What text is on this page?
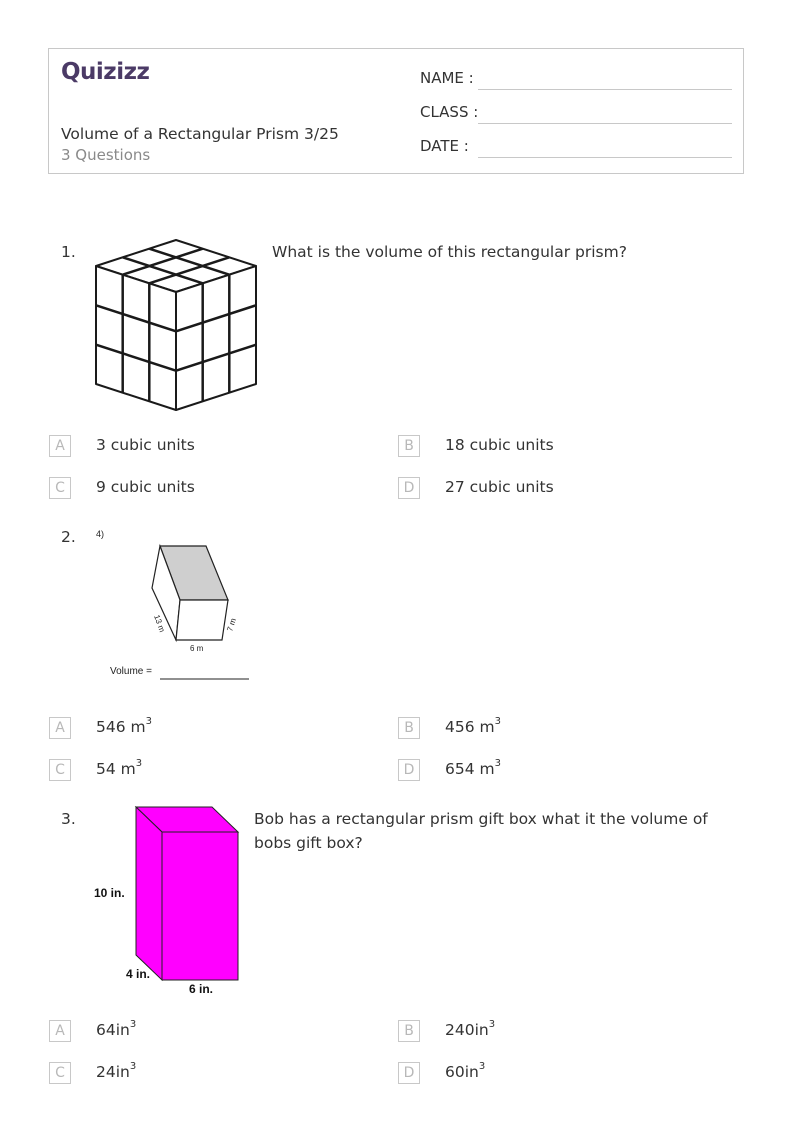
Quizizz
Volume of a Rectangular Prism 3/25
3 Questions
NAME :
CLASS :
DATE :
1.	What is the volume of this rectangular prism?
A	3 cubic units	B	18 cubic units
C	9 cubic units	D	27 cubic units
2. 4)
13 m
6 m
7 m
Volume =
A	546 $m^3$	B	456 $m^3$
C	54 $m^3$	D	654 $m^3$
3.
10 in.
4 in.
6 in.
Bob has a rectangular prism gift box what it the volume of bobs gift box?
A	$64in^3$	B	$240in^3$
C	$24in^3$	D	$60in^3$
